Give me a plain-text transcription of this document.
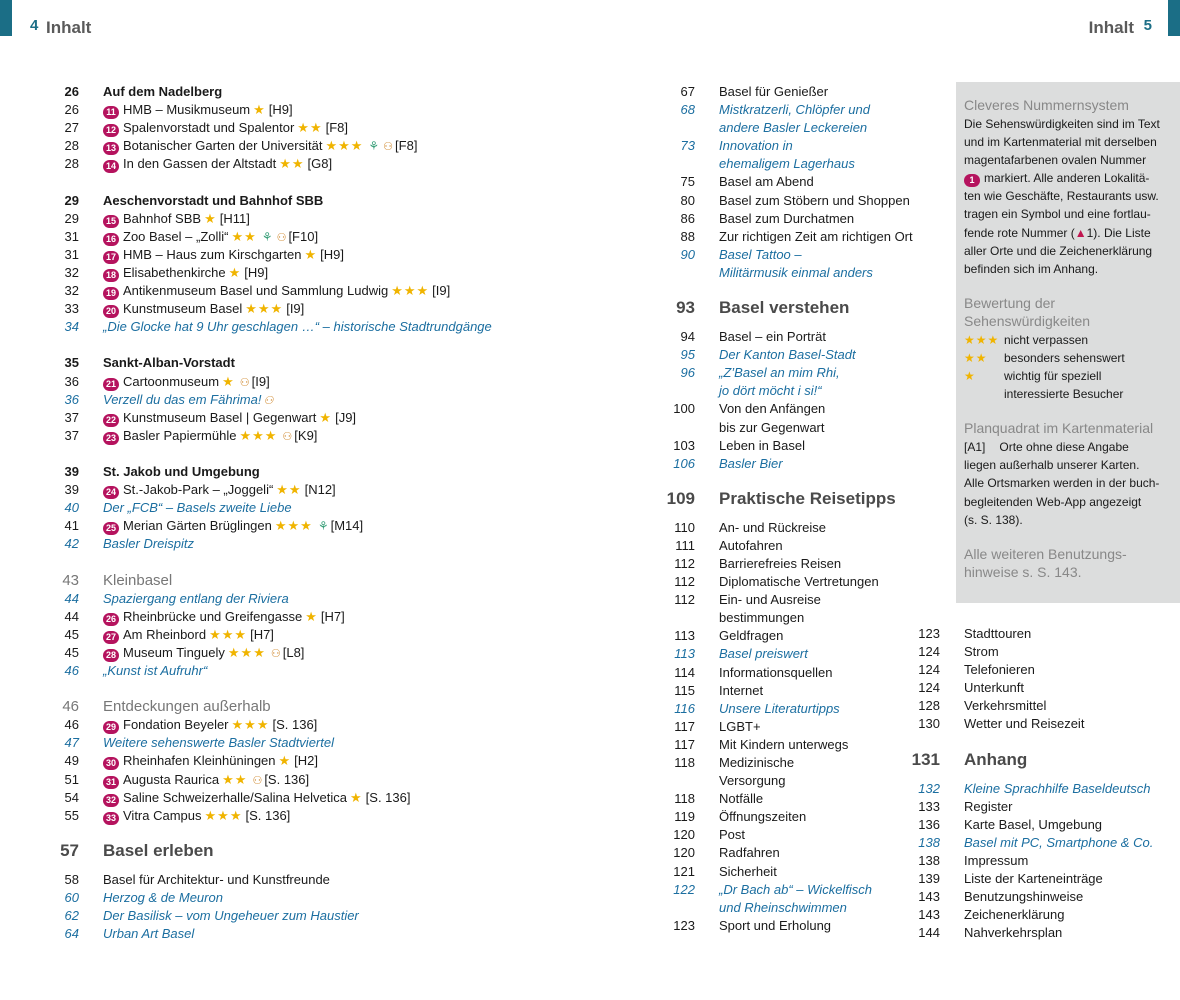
4 Inhalt	Inhalt 5
26 Auf dem Nadelberg
26	11 HMB – Musikmuseum ★ [H9]
27	12 Spalenvorstadt und Spalentor ★★ [F8]
28	13 Botanischer Garten der Universität ★★★ ⚘ ⚇ [F8]
28	14 In den Gassen der Altstadt ★★ [G8]
29 Aeschenvorstadt und Bahnhof SBB
29	15 Bahnhof SBB ★ [H11]
31	16 Zoo Basel – „Zolli“ ★★ ⚘ ⚇ [F10]
31	17 HMB – Haus zum Kirschgarten ★ [H9]
32	18 Elisabethenkirche ★ [H9]
32	19 Antikenmuseum Basel und Sammlung Ludwig ★★★ [I9]
33	20 Kunstmuseum Basel ★★★ [I9]
34 „Die Glocke hat 9 Uhr geschlagen …“ – historische Stadtrundgänge
35 Sankt-Alban-Vorstadt
36	21 Cartoonmuseum ★ ⚇ [I9]
36 Verzell du das em Fährima! ⚇
37	22 Kunstmuseum Basel | Gegenwart ★ [J9]
37	23 Basler Papiermühle ★★★ ⚇ [K9]
39 St. Jakob und Umgebung
39	24 St.-Jakob-Park – „Joggeli“ ★★ [N12]
40 Der „FCB“ – Basels zweite Liebe
41	25 Merian Gärten Brüglingen ★★★ ⚘ [M14]
42 Basler Dreispitz
43 Kleinbasel
44 Spaziergang entlang der Riviera
44	26 Rheinbrücke und Greifengasse ★ [H7]
45	27 Am Rheinbord ★★★ [H7]
45	28 Museum Tinguely ★★★ ⚇ [L8]
46 „Kunst ist Aufruhr“
46 Entdeckungen außerhalb
46	29 Fondation Beyeler ★★★ [S. 136]
47 Weitere sehenswerte Basler Stadtviertel
49	30 Rheinhafen Kleinhüningen ★ [H2]
51	31 Augusta Raurica ★★ ⚇ [S. 136]
54	32 Saline Schweizerhalle/Salina Helvetica ★ [S. 136]
55	33 Vitra Campus ★★★ [S. 136]
57 Basel erleben
58 Basel für Architektur- und Kunstfreunde
60 Herzog & de Meuron
62 Der Basilisk – vom Ungeheuer zum Haustier
64 Urban Art Basel
67 Basel für Genießer
68 Mistkratzerli, Chlöpfer und
andere Basler Leckereien
73 Innovation in
ehemaligem Lagerhaus
75 Basel am Abend
80 Basel zum Stöbern und Shoppen
86 Basel zum Durchatmen
88 Zur richtigen Zeit am richtigen Ort
90 Basel Tattoo –
Militärmusik einmal anders
93 Basel verstehen
94 Basel – ein Porträt
95 Der Kanton Basel-Stadt
96 „Z’Basel an mim Rhi,
jo dört möcht i si!“
100 Von den Anfängen
bis zur Gegenwart
103 Leben in Basel
106 Basler Bier
109 Praktische Reisetipps
110 An- und Rückreise
111 Autofahren
112 Barrierefreies Reisen
112 Diplomatische Vertretungen
112 Ein- und Ausreise
bestimmungen
113 Geldfragen
113 Basel preiswert
114 Informationsquellen
115 Internet
116 Unsere Literaturtipps
117 LGBT+
117 Mit Kindern unterwegs
118 Medizinische
Versorgung
118 Notfälle
119 Öffnungszeiten
120 Post
120 Radfahren
121 Sicherheit
122 „Dr Bach ab“ – Wickelfisch
und Rheinschwimmen
123 Sport und Erholung
123 Stadttouren
124 Strom
124 Telefonieren
124 Unterkunft
128 Verkehrsmittel
130 Wetter und Reisezeit
131 Anhang
132 Kleine Sprachhilfe Baseldeutsch
133 Register
136 Karte Basel, Umgebung
138 Basel mit PC, Smartphone & Co.
138 Impressum
139 Liste der Karteneinträge
143 Benutzungshinweise
143 Zeichenerklärung
144 Nahverkehrsplan
Cleveres Nummernsystem
Die Sehenswürdigkeiten sind im Text
und im Kartenmaterial mit derselben
magentafarbenen ovalen Nummer
1 markiert. Alle anderen Lokalitä-
ten wie Geschäfte, Restaurants usw.
tragen ein Symbol und eine fortlau-
fende rote Nummer (▲1). Die Liste
aller Orte und die Zeichenerklärung
befinden sich im Anhang.
Bewertung der
Sehenswürdigkeiten
★★★ nicht verpassen
★★	besonders sehenswert
★	wichtig für speziell
interessierte Besucher
Planquadrat im Kartenmaterial
[A1] Orte ohne diese Angabe
liegen außerhalb unserer Karten.
Alle Ortsmarken werden in der buch-
begleitenden Web-App angezeigt
(s. S. 138).
Alle weiteren Benutzungs-
hinweise s. S. 143.
